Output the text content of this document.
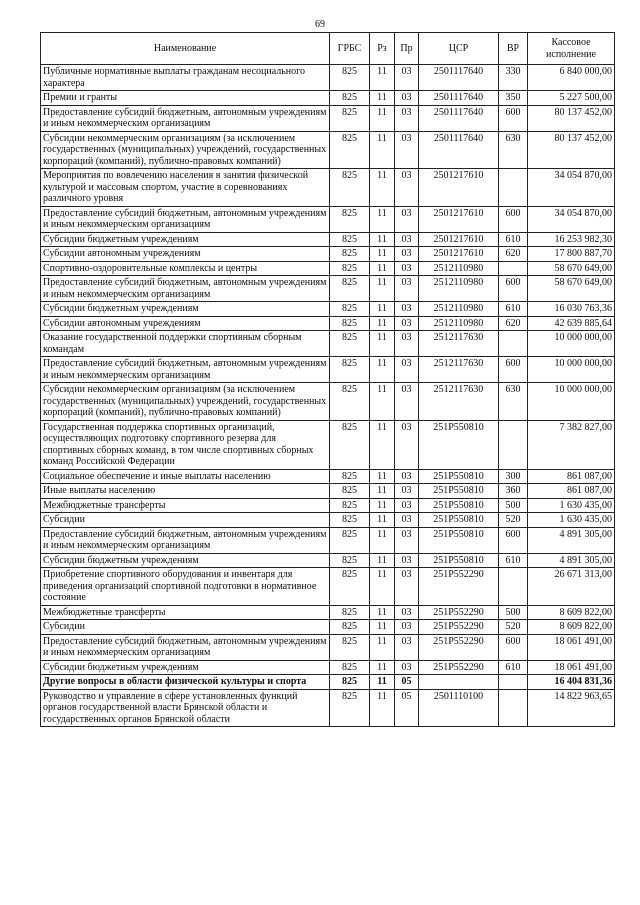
69
Наименование	ГРБС	Рз	Пр	ЦСР	ВР	Кассовое исполнение
Публичные нормативные выплаты гражданам несоциального характера	825	11	03	2501117640	330	6 840 000,00
Премии и гранты	825	11	03	2501117640	350	5 227 500,00
Предоставление субсидий бюджетным, автономным учреждениям и иным некоммерческим организациям	825	11	03	2501117640	600	80 137 452,00
Субсидии некоммерческим организациям (за исключением государственных (муниципальных) учреждений, государственных корпораций (компаний), публично-правовых компаний)	825	11	03	2501117640	630	80 137 452,00
Мероприятия по вовлечению населения в занятия физической культурой и массовым спортом, участие в соревнованиях различного уровня	825	11	03	2501217610		34 054 870,00
Предоставление субсидий бюджетным, автономным учреждениям и иным некоммерческим организациям	825	11	03	2501217610	600	34 054 870,00
Субсидии бюджетным учреждениям	825	11	03	2501217610	610	16 253 982,30
Субсидии автономным учреждениям	825	11	03	2501217610	620	17 800 887,70
Спортивно-оздоровительные комплексы и центры	825	11	03	2512110980		58 670 649,00
Предоставление субсидий бюджетным, автономным учреждениям и иным некоммерческим организациям	825	11	03	2512110980	600	58 670 649,00
Субсидии бюджетным учреждениям	825	11	03	2512110980	610	16 030 763,36
Субсидии автономным учреждениям	825	11	03	2512110980	620	42 639 885,64
Оказание государственной поддержки спортивным сборным командам	825	11	03	2512117630		10 000 000,00
Предоставление субсидий бюджетным, автономным учреждениям и иным некоммерческим организациям	825	11	03	2512117630	600	10 000 000,00
Субсидии некоммерческим организациям (за исключением государственных (муниципальных) учреждений, государственных корпораций (компаний), публично-правовых компаний)	825	11	03	2512117630	630	10 000 000,00
Государственная поддержка спортивных организаций, осуществляющих подготовку спортивного резерва для спортивных сборных команд, в том числе спортивных сборных команд Российской Федерации	825	11	03	251P550810		7 382 827,00
Социальное обеспечение и иные выплаты населению	825	11	03	251P550810	300	861 087,00
Иные выплаты населению	825	11	03	251P550810	360	861 087,00
Межбюджетные трансферты	825	11	03	251P550810	500	1 630 435,00
Субсидии	825	11	03	251P550810	520	1 630 435,00
Предоставление субсидий бюджетным, автономным учреждениям и иным некоммерческим организациям	825	11	03	251P550810	600	4 891 305,00
Субсидии бюджетным учреждениям	825	11	03	251P550810	610	4 891 305,00
Приобретение спортивного оборудования и инвентаря для приведения организаций спортивной подготовки в нормативное состояние	825	11	03	251P552290		26 671 313,00
Межбюджетные трансферты	825	11	03	251P552290	500	8 609 822,00
Субсидии	825	11	03	251P552290	520	8 609 822,00
Предоставление субсидий бюджетным, автономным учреждениям и иным некоммерческим организациям	825	11	03	251P552290	600	18 061 491,00
Субсидии бюджетным учреждениям	825	11	03	251P552290	610	18 061 491,00
Другие вопросы в области физической культуры и спорта	825	11	05			16 404 831,36
Руководство и управление в сфере установленных функций органов государственной власти Брянской области и государственных органов Брянской области	825	11	05	2501110100		14 822 963,65
